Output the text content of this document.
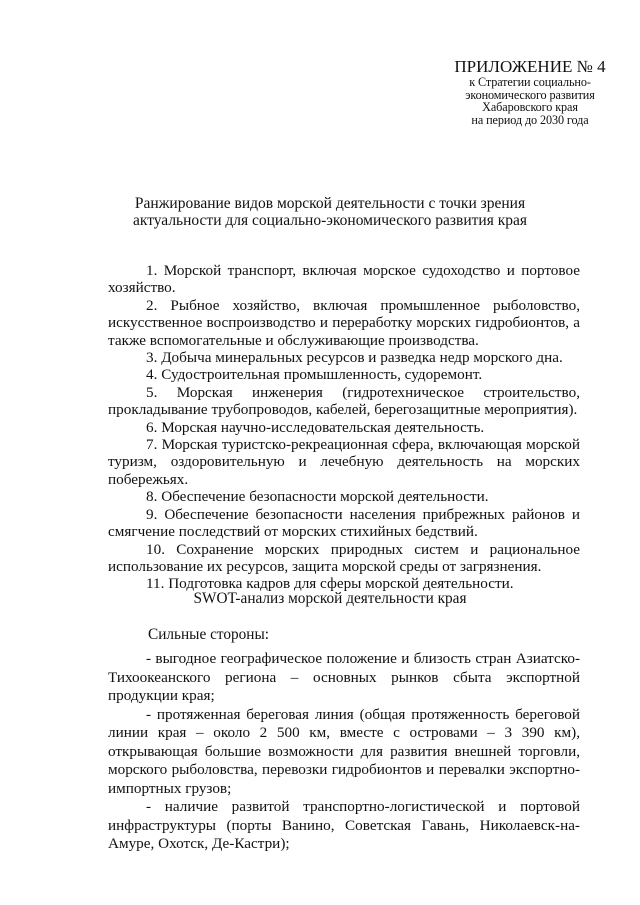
ПРИЛОЖЕНИЕ № 4
к Стратегии социально-
экономического развития
Хабаровского края
на период до 2030 года
Ранжирование видов морской деятельности с точки зрения
актуальности для социально-экономического развития края

1. Морской транспорт, включая морское судоходство и портовое хозяйство.

2. Рыбное хозяйство, включая промышленное рыболовство, искусственное воспроизводство и переработку морских гидробионтов, а также вспомогательные и обслуживающие производства.

3. Добыча минеральных ресурсов и разведка недр морского дна.

4. Судостроительная промышленность, судоремонт.

5. Морская инженерия (гидротехническое строительство, прокладывание трубопроводов, кабелей, берегозащитные мероприятия).

6. Морская научно-исследовательская деятельность.

7. Морская туристско-рекреационная сфера, включающая морской туризм, оздоровительную и лечебную деятельность на морских побережьях.

8. Обеспечение безопасности морской деятельности.

9. Обеспечение безопасности населения прибрежных районов и смягчение последствий от морских стихийных бедствий.

10. Сохранение морских природных систем и рациональное использование их ресурсов, защита морской среды от загрязнения.

11. Подготовка кадров для сферы морской деятельности.

SWOT-анализ морской деятельности края
Сильные стороны:

- выгодное географическое положение и близость стран Азиатско-Тихоокеанского региона – основных рынков сбыта экспортной продукции края;

- протяженная береговая линия (общая протяженность береговой линии края – около 2 500 км, вместе с островами – 3 390 км), открывающая большие возможности для развития внешней торговли, морского рыболовства, перевозки гидробионтов и перевалки экспортно-импортных грузов;

- наличие развитой транспортно-логистической и портовой инфраструктуры (порты Ванино, Советская Гавань, Николаевск-на-Амуре, Охотск, Де-Кастри);
